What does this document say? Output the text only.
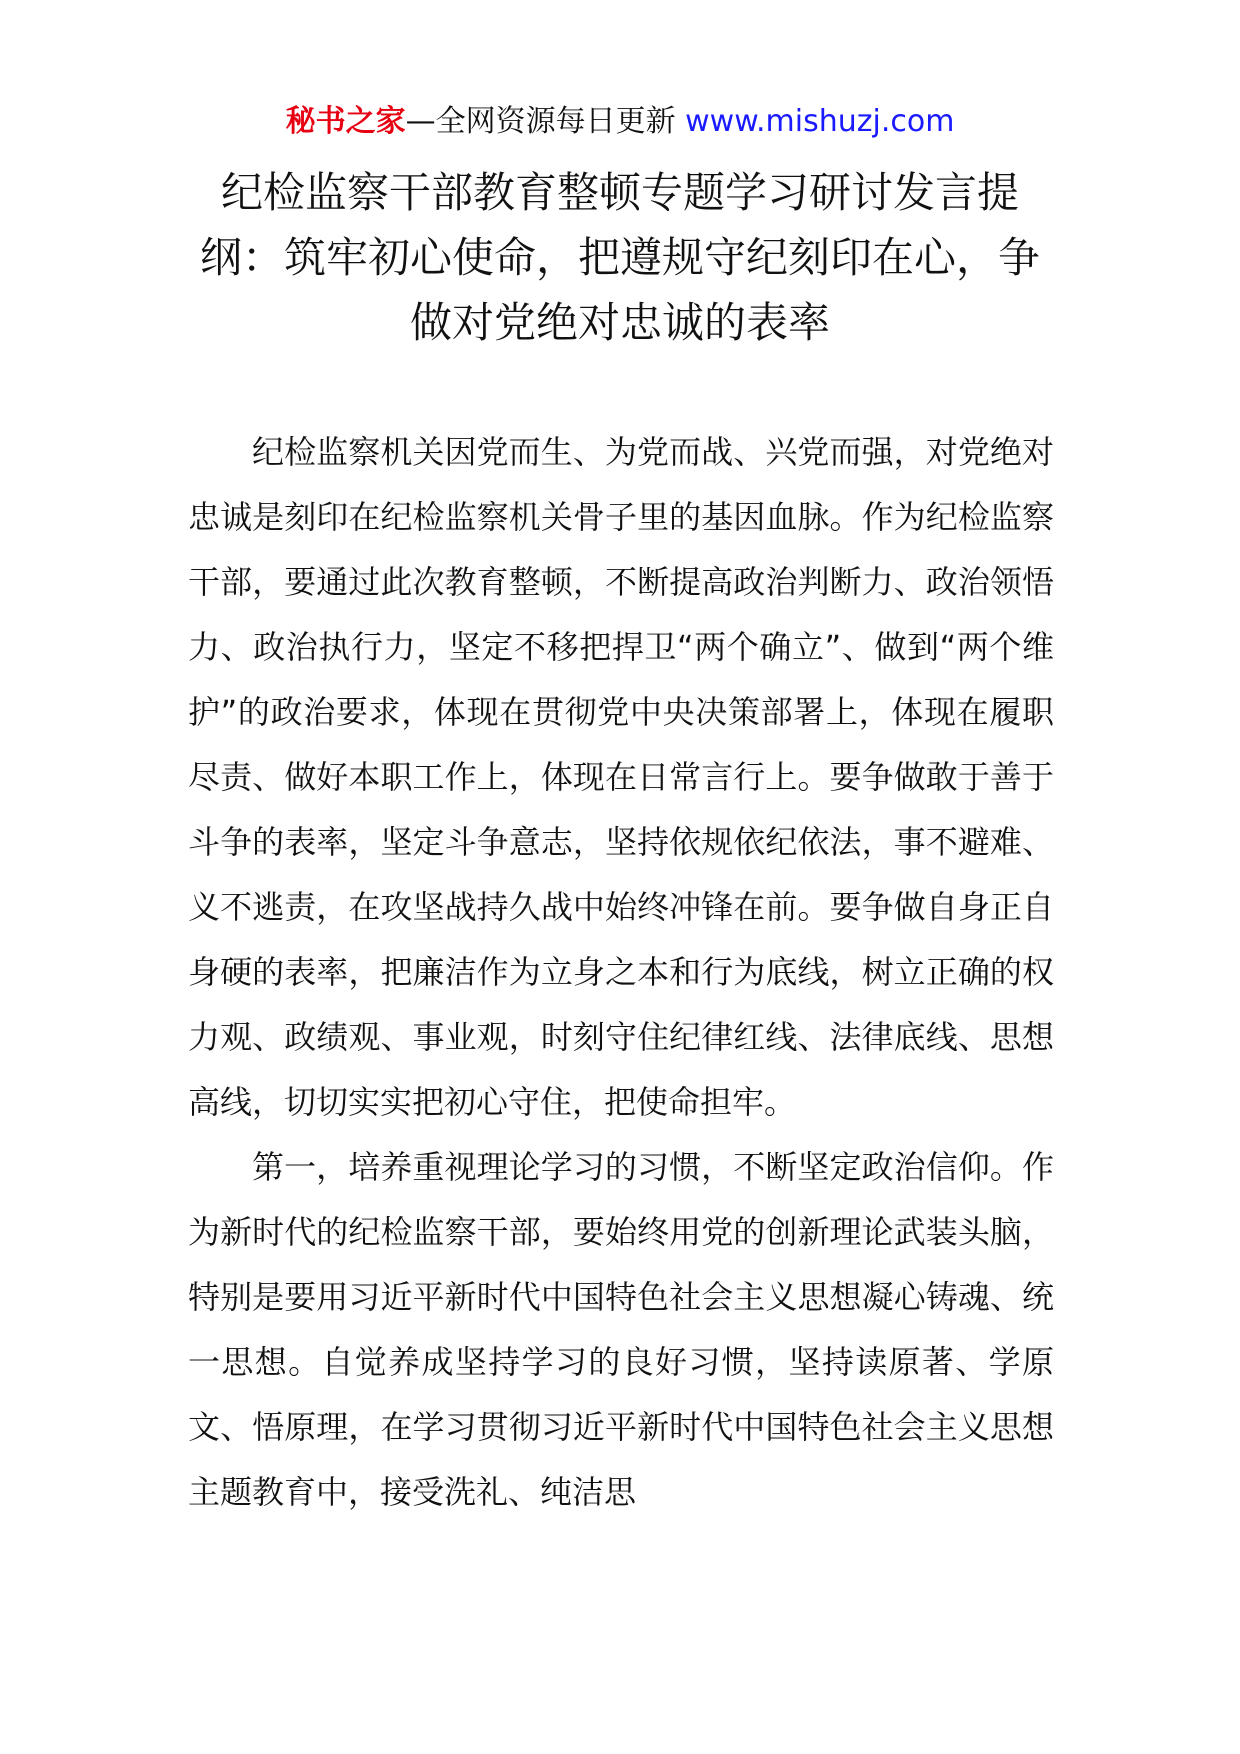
秘书之家—全网资源每日更新 www.mishuzj.com
纪检监察干部教育整顿专题学习研讨发言提纲：筑牢初心使命，把遵规守纪刻印在心，争做对党绝对忠诚的表率

纪检监察机关因党而生、为党而战、兴党而强，对党绝对忠诚是刻印在纪检监察机关骨子里的基因血脉。作为纪检监察干部，要通过此次教育整顿，不断提高政治判断力、政治领悟力、政治执行力，坚定不移把捍卫“两个确立”、做到“两个维护”的政治要求，体现在贯彻党中央决策部署上，体现在履职尽责、做好本职工作上，体现在日常言行上。要争做敢于善于斗争的表率，坚定斗争意志，坚持依规依纪依法，事不避难、义不逃责，在攻坚战持久战中始终冲锋在前。要争做自身正自身硬的表率，把廉洁作为立身之本和行为底线，树立正确的权力观、政绩观、事业观，时刻守住纪律红线、法律底线、思想高线，切切实实把初心守住，把使命担牢。

第一，培养重视理论学习的习惯，不断坚定政治信仰。作为新时代的纪检监察干部，要始终用党的创新理论武装头脑，特别是要用习近平新时代中国特色社会主义思想凝心铸魂、统一思想。自觉养成坚持学习的良好习惯，坚持读原著、学原文、悟原理，在学习贯彻习近平新时代中国特色社会主义思想主题教育中，接受洗礼、纯洁思
